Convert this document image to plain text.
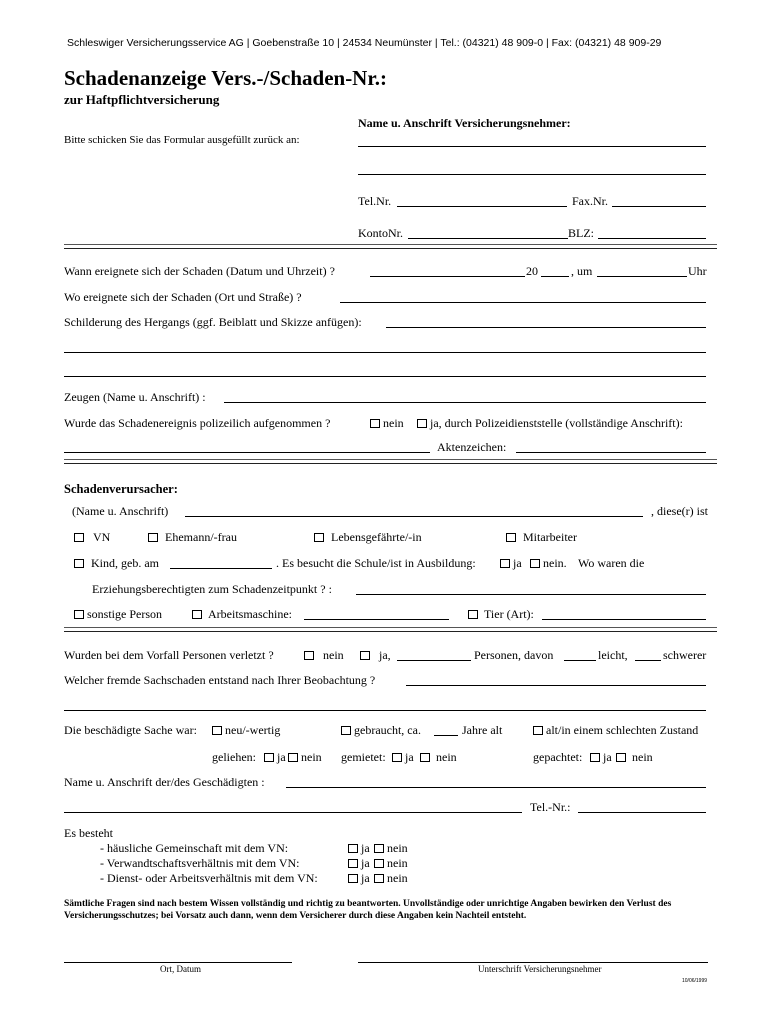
Schleswiger Versicherungsservice AG | Goebenstraße 10 | 24534 Neumünster | Tel.: (04321) 48 909-0 | Fax: (04321) 48 909-29
Schadenanzeige Vers.-/Schaden-Nr.:
zur Haftpflichtversicherung
Name u. Anschrift Versicherungsnehmer:
Bitte schicken Sie das Formular ausgefüllt zurück an:
Tel.Nr.	Fax.Nr.
KontoNr.	BLZ:
Wann ereignete sich der Schaden (Datum und Uhrzeit) ?	20	, um	Uhr
Wo ereignete sich der Schaden (Ort und Straße) ?
Schilderung des Hergangs (ggf. Beiblatt und Skizze anfügen):
Zeugen (Name u. Anschrift) :
Wurde das Schadenereignis polizeilich aufgenommen ?	nein	ja, durch Polizeidienststelle (vollständige Anschrift):
Aktenzeichen:
Schadenverursacher:
(Name u. Anschrift)	, diese(r) ist
VN	Ehemann/-frau	Lebensgefährte/-in	Mitarbeiter
Kind, geb. am	. Es besucht die Schule/ist in Ausbildung:	ja	nein. Wo waren die
Erziehungsberechtigten zum Schadenzeitpunkt ? :
sonstige Person	Arbeitsmaschine:	Tier (Art):
Wurden bei dem Vorfall Personen verletzt ?	nein	ja,	Personen, davon	leicht,	schwerer
Welcher fremde Sachschaden entstand nach Ihrer Beobachtung ?
Die beschädigte Sache war:	neu/-wertig	gebraucht, ca.	Jahre alt	alt/in einem schlechten Zustand
geliehen:	ja	nein gemietet:	ja	nein	gepachtet:	ja	nein
Name u. Anschrift der/des Geschädigten :
Tel.-Nr.:
Es besteht
- häusliche Gemeinschaft mit dem VN:	ja	nein
- Verwandtschaftsverhältnis mit dem VN:	ja	nein
- Dienst- oder Arbeitsverhältnis mit dem VN:	ja	nein
Sämtliche Fragen sind nach bestem Wissen vollständig und richtig zu beantworten. Unvollständige oder unrichtige Angaben bewirken den Verlust des Versicherungsschutzes; bei Vorsatz auch dann, wenn dem Versicherer durch diese Angaben kein Nachteil entsteht.
Ort, Datum	Unterschrift Versicherungsnehmer
10/06/1999
